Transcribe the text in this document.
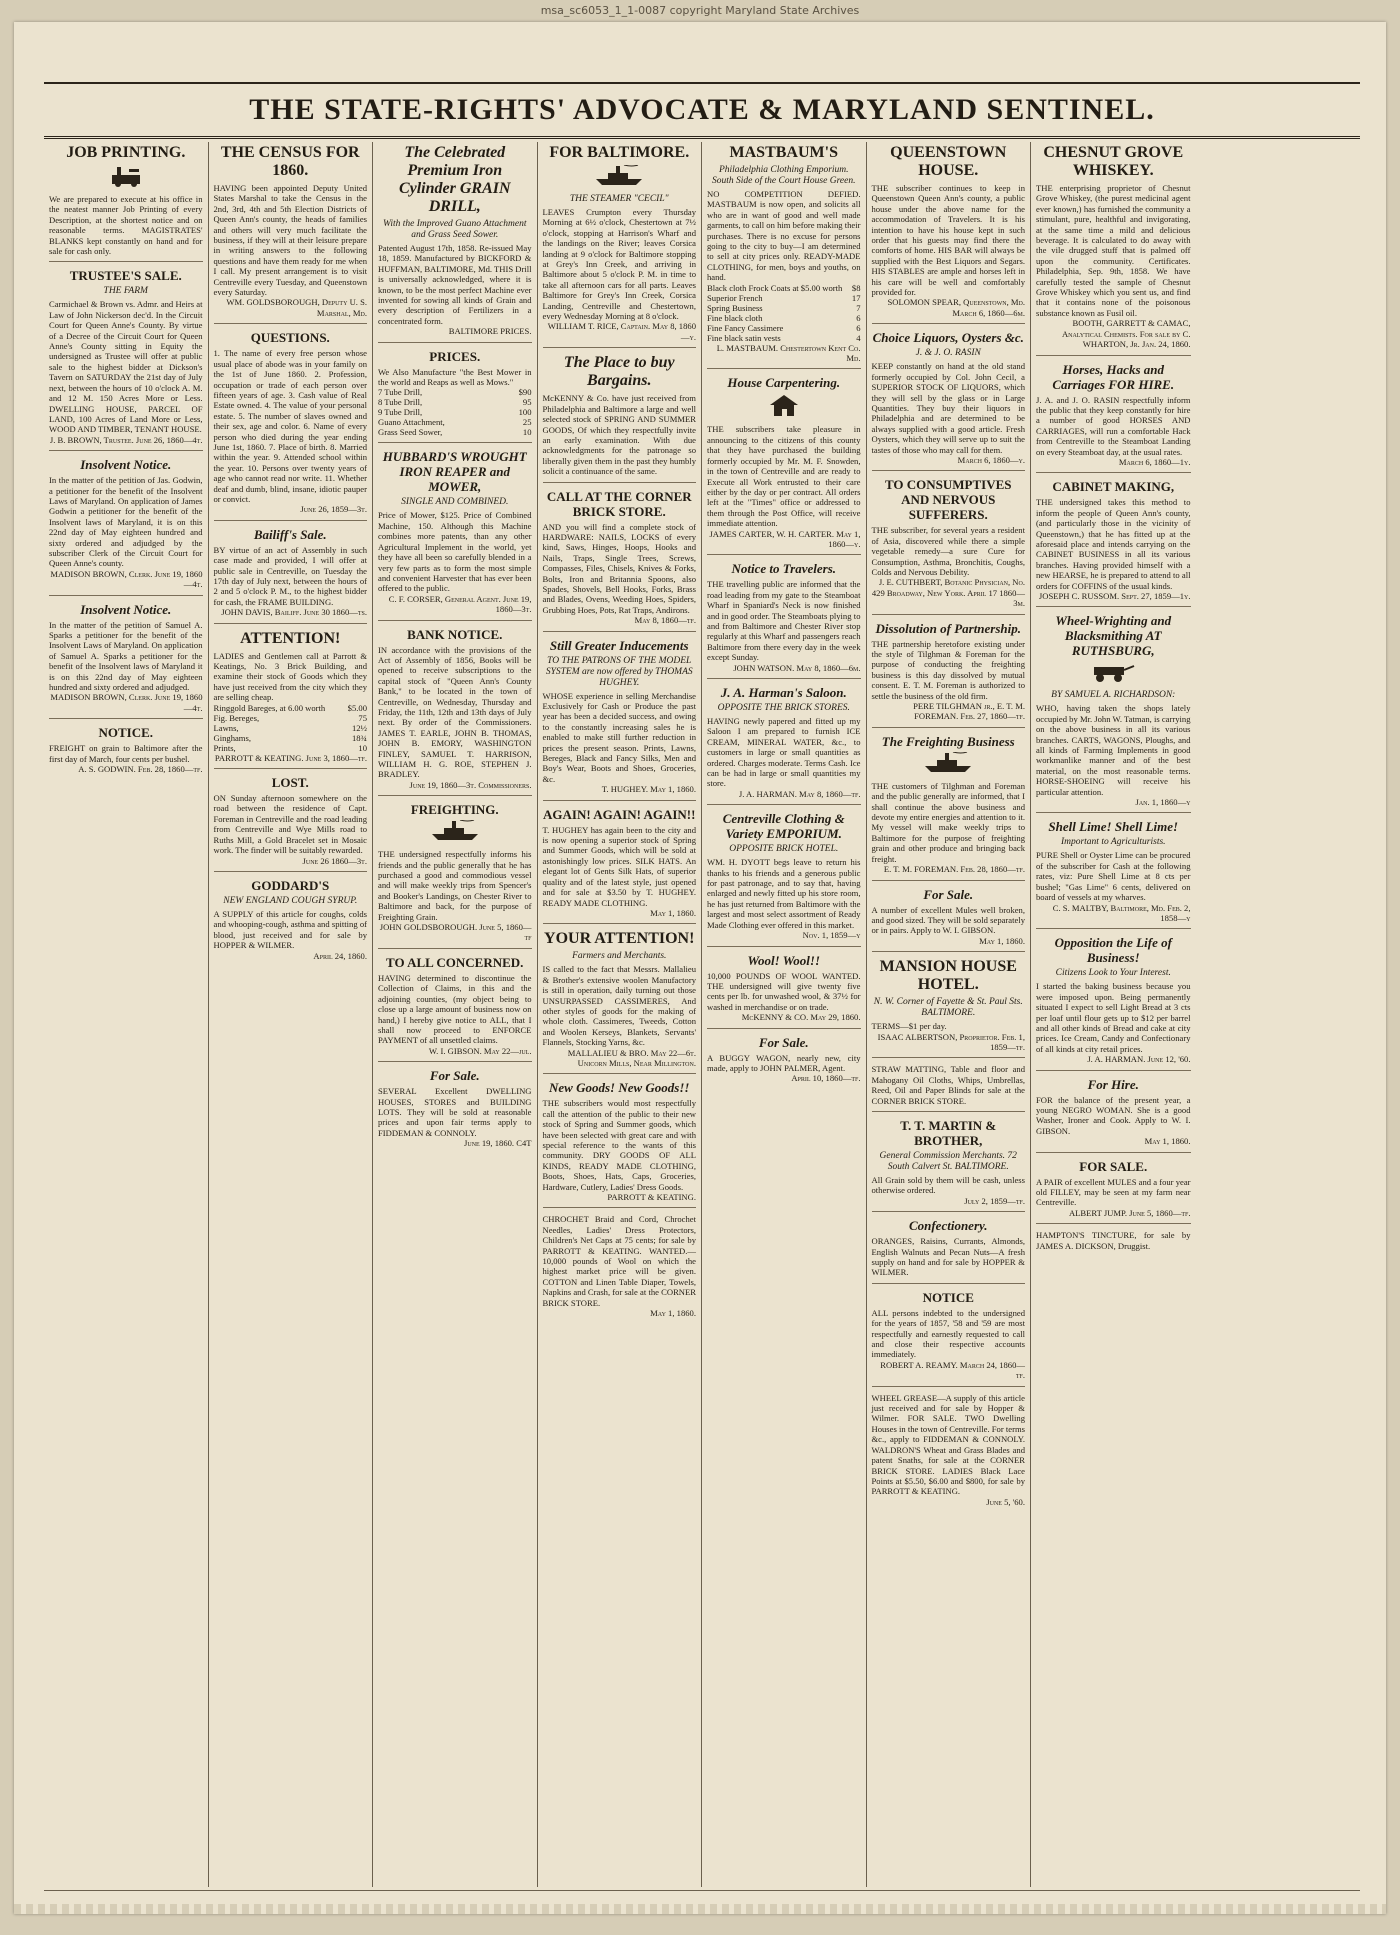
msa_sc6053_1_1-0087 copyright Maryland State Archives
THE STATE-RIGHTS' ADVOCATE & MARYLAND SENTINEL.
JOB PRINTING.

We are prepared to execute at his office in the neatest manner Job Printing of every Description, at the shortest notice and on reasonable terms. MAGISTRATES' BLANKS kept constantly on hand and for sale for cash only.

TRUSTEE'S SALE.
THE FARM

Carmichael & Brown vs. Admr. and Heirs at Law of John Nickerson dec'd. In the Circuit Court for Queen Anne's County. By virtue of a Decree of the Circuit Court for Queen Anne's County sitting in Equity the undersigned as Trustee will offer at public sale to the highest bidder at Dickson's Tavern on SATURDAY the 21st day of July next, between the hours of 10 o'clock A. M. and 12 M. 150 Acres More or Less. DWELLING HOUSE, PARCEL OF LAND, 100 Acres of Land More or Less, WOOD AND TIMBER, TENANT HOUSE.

J. B. BROWN, Trustee. June 26, 1860—4t.
Insolvent Notice.

In the matter of the petition of Jas. Godwin, a petitioner for the benefit of the Insolvent Laws of Maryland. On application of James Godwin a petitioner for the benefit of the Insolvent laws of Maryland, it is on this 22nd day of May eighteen hundred and sixty ordered and adjudged by the subscriber Clerk of the Circuit Court for Queen Anne's county.

MADISON BROWN, Clerk. June 19, 1860—4t.
Insolvent Notice.

In the matter of the petition of Samuel A. Sparks a petitioner for the benefit of the Insolvent Laws of Maryland. On application of Samuel A. Sparks a petitioner for the benefit of the Insolvent laws of Maryland it is on this 22nd day of May eighteen hundred and sixty ordered and adjudged.

MADISON BROWN, Clerk. June 19, 1860—4t.
NOTICE.

FREIGHT on grain to Baltimore after the first day of March, four cents per bushel.

A. S. GODWIN. Feb. 28, 1860—tf.
THE CENSUS FOR 1860.

HAVING been appointed Deputy United States Marshal to take the Census in the 2nd, 3rd, 4th and 5th Election Districts of Queen Ann's county, the heads of families and others will very much facilitate the business, if they will at their leisure prepare in writing answers to the following questions and have them ready for me when I call. My present arrangement is to visit Centreville every Tuesday, and Queenstown every Saturday.

WM. GOLDSBOROUGH, Deputy U. S. Marshal, Md.
QUESTIONS.

1. The name of every free person whose usual place of abode was in your family on the 1st of June 1860. 2. Profession, occupation or trade of each person over fifteen years of age. 3. Cash value of Real Estate owned. 4. The value of your personal estate. 5. The number of slaves owned and their sex, age and color. 6. Name of every person who died during the year ending June 1st, 1860. 7. Place of birth. 8. Married within the year. 9. Attended school within the year. 10. Persons over twenty years of age who cannot read nor write. 11. Whether deaf and dumb, blind, insane, idiotic pauper or convict.

June 26, 1859—3t.
Bailiff's Sale.

BY virtue of an act of Assembly in such case made and provided, I will offer at public sale in Centreville, on Tuesday the 17th day of July next, between the hours of 2 and 5 o'clock P. M., to the highest bidder for cash, the FRAME BUILDING.

JOHN DAVIS, Bailiff. June 30 1860—ts.
ATTENTION!

LADIES and Gentlemen call at Parrott & Keatings, No. 3 Brick Building, and examine their stock of Goods which they have just received from the city which they are selling cheap.

Ringgold Bareges, at 6.00 worth	$5.00
Fig. Bereges,	75
Lawns,	12½
Ginghams,	18¾
Prints,	10
PARROTT & KEATING. June 3, 1860—tf.
LOST.

ON Sunday afternoon somewhere on the road between the residence of Capt. Foreman in Centreville and the road leading from Centreville and Wye Mills road to Ruths Mill, a Gold Bracelet set in Mosaic work. The finder will be suitably rewarded.

June 26 1860—3t.
GODDARD'S
NEW ENGLAND COUGH SYRUP.

A SUPPLY of this article for coughs, colds and whooping-cough, asthma and spitting of blood, just received and for sale by HOPPER & WILMER.

April 24, 1860.
The Celebrated Premium Iron Cylinder GRAIN DRILL,
With the Improved Guano Attachment and Grass Seed Sower.

Patented August 17th, 1858. Re-issued May 18, 1859. Manufactured by BICKFORD & HUFFMAN, BALTIMORE, Md. THIS Drill is universally acknowledged, where it is known, to be the most perfect Machine ever invented for sowing all kinds of Grain and every description of Fertilizers in a concentrated form.

BALTIMORE PRICES.
PRICES.

We Also Manufacture "the Best Mower in the world and Reaps as well as Mows."

7 Tube Drill,	$90
8 Tube Drill,	95
9 Tube Drill,	100
Guano Attachment,	25
Grass Seed Sower,	10
HUBBARD'S WROUGHT IRON REAPER and MOWER,
SINGLE AND COMBINED.

Price of Mower, $125. Price of Combined Machine, 150. Although this Machine combines more patents, than any other Agricultural Implement in the world, yet they have all been so carefully blended in a very few parts as to form the most simple and convenient Harvester that has ever been offered to the public.

C. F. CORSER, General Agent. June 19, 1860—3t.
BANK NOTICE.

IN accordance with the provisions of the Act of Assembly of 1856, Books will be opened to receive subscriptions to the capital stock of "Queen Ann's County Bank," to be located in the town of Centreville, on Wednesday, Thursday and Friday, the 11th, 12th and 13th days of July next. By order of the Commissioners. JAMES T. EARLE, JOHN B. THOMAS, JOHN B. EMORY, WASHINGTON FINLEY, SAMUEL T. HARRISON, WILLIAM H. G. ROE, STEPHEN J. BRADLEY.

June 19, 1860—3t. Commissioners.
FREIGHTING.

THE undersigned respectfully informs his friends and the public generally that he has purchased a good and commodious vessel and will make weekly trips from Spencer's and Booker's Landings, on Chester River to Baltimore and back, for the purpose of Freighting Grain.

JOHN GOLDSBOROUGH. June 5, 1860—tf
TO ALL CONCERNED.

HAVING determined to discontinue the Collection of Claims, in this and the adjoining counties, (my object being to close up a large amount of business now on hand,) I hereby give notice to ALL, that I shall now proceed to ENFORCE PAYMENT of all unsettled claims.

W. I. GIBSON. May 22—jul.
For Sale.

SEVERAL Excellent DWELLING HOUSES, STORES and BUILDING LOTS. They will be sold at reasonable prices and upon fair terms apply to FIDDEMAN & CONNOLY.

June 19, 1860. C4T
FOR BALTIMORE.
THE STEAMER "CECIL"

LEAVES Crumpton every Thursday Morning at 6½ o'clock, Chestertown at 7½ o'clock, stopping at Harrison's Wharf and the landings on the River; leaves Corsica landing at 9 o'clock for Baltimore stopping at Grey's Inn Creek, and arriving in Baltimore about 5 o'clock P. M. in time to take all afternoon cars for all parts. Leaves Baltimore for Grey's Inn Creek, Corsica Landing, Centreville and Chestertown, every Wednesday Morning at 8 o'clock.

WILLIAM T. RICE, Captain. May 8, 1860—y.
The Place to buy Bargains.

McKENNY & Co. have just received from Philadelphia and Baltimore a large and well selected stock of SPRING AND SUMMER GOODS, Of which they respectfully invite an early examination. With due acknowledgments for the patronage so liberally given them in the past they humbly solicit a continuance of the same.

CALL AT THE CORNER BRICK STORE.

AND you will find a complete stock of HARDWARE: NAILS, LOCKS of every kind, Saws, Hinges, Hoops, Hooks and Nails, Traps, Single Trees, Screws, Compasses, Files, Chisels, Knives & Forks, Bolts, Iron and Britannia Spoons, also Spades, Shovels, Bell Hooks, Forks, Brass and Blades, Ovens, Weeding Hoes, Spiders, Grubbing Hoes, Pots, Rat Traps, Andirons.

May 8, 1860—tf.
Still Greater Inducements
TO THE PATRONS OF THE MODEL SYSTEM are now offered by THOMAS HUGHEY.

WHOSE experience in selling Merchandise Exclusively for Cash or Produce the past year has been a decided success, and owing to the constantly increasing sales he is enabled to make still further reduction in prices the present season. Prints, Lawns, Bereges, Black and Fancy Silks, Men and Boy's Wear, Boots and Shoes, Groceries, &c.

T. HUGHEY. May 1, 1860.
AGAIN! AGAIN! AGAIN!!

T. HUGHEY has again been to the city and is now opening a superior stock of Spring and Summer Goods, which will be sold at astonishingly low prices. SILK HATS. An elegant lot of Gents Silk Hats, of superior quality and of the latest style, just opened and for sale at $3.50 by T. HUGHEY. READY MADE CLOTHING.

May 1, 1860.
YOUR ATTENTION!
Farmers and Merchants.

IS called to the fact that Messrs. Mallalieu & Brother's extensive woolen Manufactory is still in operation, daily turning out those UNSURPASSED CASSIMERES, And other styles of goods for the making of whole cloth. Cassimeres, Tweeds, Cotton and Woolen Kerseys, Blankets, Servants' Flannels, Stocking Yarns, &c.

MALLALIEU & BRO. May 22—6t. Unicorn Mills, Near Millington.
New Goods! New Goods!!

THE subscribers would most respectfully call the attention of the public to their new stock of Spring and Summer goods, which have been selected with great care and with special reference to the wants of this community. DRY GOODS OF ALL KINDS, READY MADE CLOTHING, Boots, Shoes, Hats, Caps, Groceries, Hardware, Cutlery, Ladies' Dress Goods.

PARROTT & KEATING.

CHROCHET Braid and Cord, Chrochet Needles, Ladies' Dress Protectors, Children's Net Caps at 75 cents; for sale by PARROTT & KEATING. WANTED.—10,000 pounds of Wool on which the highest market price will be given. COTTON and Linen Table Diaper, Towels, Napkins and Crash, for sale at the CORNER BRICK STORE.

May 1, 1860.
MASTBAUM'S
Philadelphia Clothing Emporium. South Side of the Court House Green.

NO COMPETITION DEFIED. MASTBAUM is now open, and solicits all who are in want of good and well made garments, to call on him before making their purchases. There is no excuse for persons going to the city to buy—I am determined to sell at city prices only. READY-MADE CLOTHING, for men, boys and youths, on hand.

Black cloth Frock Coats at $5.00 worth	$8
Superior French	17
Spring Business	7
Fine black cloth	6
Fine Fancy Cassimere	6
Fine black satin vests	4
L. MASTBAUM. Chestertown Kent Co. Md.
House Carpentering.

THE subscribers take pleasure in announcing to the citizens of this county that they have purchased the building formerly occupied by Mr. M. F. Snowden, in the town of Centreville and are ready to Execute all Work entrusted to their care either by the day or per contract. All orders left at the "Times" office or addressed to them through the Post Office, will receive immediate attention.

JAMES CARTER, W. H. CARTER. May 1, 1860—y.
Notice to Travelers.

THE travelling public are informed that the road leading from my gate to the Steamboat Wharf in Spaniard's Neck is now finished and in good order. The Steamboats plying to and from Baltimore and Chester River stop regularly at this Wharf and passengers reach Baltimore from there every day in the week except Sunday.

JOHN WATSON. May 8, 1860—6m.
J. A. Harman's Saloon.
OPPOSITE THE BRICK STORES.

HAVING newly papered and fitted up my Saloon I am prepared to furnish ICE CREAM, MINERAL WATER, &c., to customers in large or small quantities as ordered. Charges moderate. Terms Cash. Ice can be had in large or small quantities my store.

J. A. HARMAN. May 8, 1860—tf.
Centreville Clothing & Variety EMPORIUM.
OPPOSITE BRICK HOTEL.

WM. H. DYOTT begs leave to return his thanks to his friends and a generous public for past patronage, and to say that, having enlarged and newly fitted up his store room, he has just returned from Baltimore with the largest and most select assortment of Ready Made Clothing ever offered in this market.

Nov. 1, 1859—y
Wool! Wool!!

10,000 POUNDS OF WOOL WANTED. THE undersigned will give twenty five cents per lb. for unwashed wool, & 37½ for washed in merchandise or on trade.

McKENNY & CO. May 29, 1860.
For Sale.

A BUGGY WAGON, nearly new, city made, apply to JOHN PALMER, Agent.

April 10, 1860—tf.
QUEENSTOWN HOUSE.

THE subscriber continues to keep in Queenstown Queen Ann's county, a public house under the above name for the accommodation of Travelers. It is his intention to have his house kept in such order that his guests may find there the comforts of home. HIS BAR will always be supplied with the Best Liquors and Segars. HIS STABLES are ample and horses left in his care will be well and comfortably provided for.

SOLOMON SPEAR, Queenstown, Md. March 6, 1860—6m.
Choice Liquors, Oysters &c.
J. & J. O. RASIN

KEEP constantly on hand at the old stand formerly occupied by Col. John Cecil, a SUPERIOR STOCK OF LIQUORS, which they will sell by the glass or in Large Quantities. They buy their liquors in Philadelphia and are determined to be always supplied with a good article. Fresh Oysters, which they will serve up to suit the tastes of those who may call for them.

March 6, 1860—y.
TO CONSUMPTIVES AND NERVOUS SUFFERERS.

THE subscriber, for several years a resident of Asia, discovered while there a simple vegetable remedy—a sure Cure for Consumption, Asthma, Bronchitis, Coughs, Colds and Nervous Debility.

J. E. CUTHBERT, Botanic Physician, No. 429 Broadway, New York. April 17 1860—3m.
Dissolution of Partnership.

THE partnership heretofore existing under the style of Tilghman & Foreman for the purpose of conducting the freighting business is this day dissolved by mutual consent. E. T. M. Foreman is authorized to settle the business of the old firm.

PERE TILGHMAN jr., E. T. M. FOREMAN. Feb. 27, 1860—tf.
The Freighting Business

THE customers of Tilghman and Foreman and the public generally are informed, that I shall continue the above business and devote my entire energies and attention to it. My vessel will make weekly trips to Baltimore for the purpose of freighting grain and other produce and bringing back freight.

E. T. M. FOREMAN. Feb. 28, 1860—tf.
For Sale.

A number of excellent Mules well broken, and good sized. They will be sold separately or in pairs. Apply to W. I. GIBSON.

May 1, 1860.
MANSION HOUSE HOTEL.
N. W. Corner of Fayette & St. Paul Sts. BALTIMORE.

TERMS—$1 per day.

ISAAC ALBERTSON, Proprietor. Feb. 1, 1859—tf.

STRAW MATTING, Table and floor and Mahogany Oil Cloths, Whips, Umbrellas, Reed, Oil and Paper Blinds for sale at the CORNER BRICK STORE.

T. T. MARTIN & BROTHER,
General Commission Merchants. 72 South Calvert St. BALTIMORE.

All Grain sold by them will be cash, unless otherwise ordered.

July 2, 1859—tf.
Confectionery.

ORANGES, Raisins, Currants, Almonds, English Walnuts and Pecan Nuts—A fresh supply on hand and for sale by HOPPER & WILMER.

NOTICE

ALL persons indebted to the undersigned for the years of 1857, '58 and '59 are most respectfully and earnestly requested to call and close their respective accounts immediately.

ROBERT A. REAMY. March 24, 1860—tf.

WHEEL GREASE—A supply of this article just received and for sale by Hopper & Wilmer. FOR SALE. TWO Dwelling Houses in the town of Centreville. For terms &c., apply to FIDDEMAN & CONNOLY. WALDRON'S Wheat and Grass Blades and patent Snaths, for sale at the CORNER BRICK STORE. LADIES Black Lace Points at $5.50, $6.00 and $800, for sale by PARROTT & KEATING.

June 5, '60.
CHESNUT GROVE WHISKEY.

THE enterprising proprietor of Chesnut Grove Whiskey, (the purest medicinal agent ever known,) has furnished the community a stimulant, pure, healthful and invigorating, at the same time a mild and delicious beverage. It is calculated to do away with the vile drugged stuff that is palmed off upon the community. Certificates. Philadelphia, Sep. 9th, 1858. We have carefully tested the sample of Chesnut Grove Whiskey which you sent us, and find that it contains none of the poisonous substance known as Fusil oil.

BOOTH, GARRETT & CAMAC, Analytical Chemists. For sale by C. WHARTON, Jr. Jan. 24, 1860.
Horses, Hacks and Carriages FOR HIRE.

J. A. and J. O. RASIN respectfully inform the public that they keep constantly for hire a number of good HORSES AND CARRIAGES, will run a comfortable Hack from Centreville to the Steamboat Landing on every Steamboat day, at the usual rates.

March 6, 1860—1y.
CABINET MAKING,

THE undersigned takes this method to inform the people of Queen Ann's county, (and particularly those in the vicinity of Queenstown,) that he has fitted up at the aforesaid place and intends carrying on the CABINET BUSINESS in all its various branches. Having provided himself with a new HEARSE, he is prepared to attend to all orders for COFFINS of the usual kinds.

JOSEPH C. RUSSOM. Sept. 27, 1859—1y.
Wheel-Wrighting and Blacksmithing AT RUTHSBURG,
BY SAMUEL A. RICHARDSON:

WHO, having taken the shops lately occupied by Mr. John W. Tatman, is carrying on the above business in all its various branches. CARTS, WAGONS, Ploughs, and all kinds of Farming Implements in good workmanlike manner and of the best material, on the most reasonable terms. HORSE-SHOEING will receive his particular attention.

Jan. 1, 1860—y
Shell Lime! Shell Lime!
Important to Agriculturists.

PURE Shell or Oyster Lime can be procured of the subscriber for Cash at the following rates, viz: Pure Shell Lime at 8 cts per bushel; "Gas Lime" 6 cents, delivered on board of vessels at my wharves.

C. S. MALTBY, Baltimore, Md. Feb. 2, 1858—y
Opposition the Life of Business!
Citizens Look to Your Interest.

I started the baking business because you were imposed upon. Being permanently situated I expect to sell Light Bread at 3 cts per loaf until flour gets up to $12 per barrel and all other kinds of Bread and cake at city prices. Ice Cream, Candy and Confectionary of all kinds at city retail prices.

J. A. HARMAN. June 12, '60.
For Hire.

FOR the balance of the present year, a young NEGRO WOMAN. She is a good Washer, Ironer and Cook. Apply to W. I. GIBSON.

May 1, 1860.
FOR SALE.

A PAIR of excellent MULES and a four year old FILLEY, may be seen at my farm near Centreville.

ALBERT JUMP. June 5, 1860—tf.

HAMPTON'S TINCTURE, for sale by JAMES A. DICKSON, Druggist.
